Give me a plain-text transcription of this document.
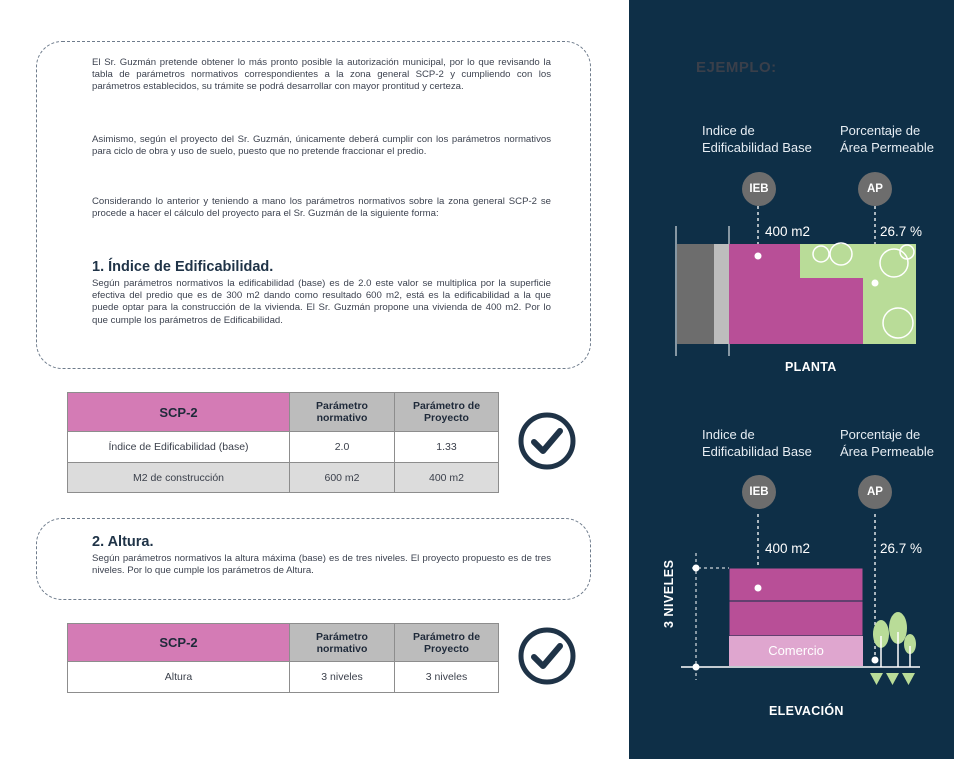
El Sr. Guzmán pretende obtener lo más pronto posible la autorización municipal, por lo que revisando la tabla de parámetros normativos correspondientes a la zona general SCP-2 y cumpliendo con los parámetros establecidos, su trámite se podrá desarrollar con mayor prontitud y certeza.

Asimismo, según el proyecto del Sr. Guzmán, únicamente deberá cumplir con los parámetros normativos para ciclo de obra y uso de suelo, puesto que no pretende fraccionar el predio.

Considerando lo anterior y teniendo a mano los parámetros normativos sobre la zona general SCP-2 se procede a hacer el cálculo del proyecto para el Sr. Guzmán de la siguiente forma:

1. Índice de Edificabilidad.

Según parámetros normativos la edificabilidad (base) es de 2.0 este valor se multiplica por la superficie efectiva del predio que es de 300 m2 dando como resultado 600 m2, está es la edificabilidad a la que puede optar para la construcción de la vivienda. El Sr. Guzmán propone una vivienda de 400 m2. Por lo que cumple los parámetros de Edificabilidad.

SCP-2	Parámetro normativo	Parámetro de Proyecto
Índice de Edificabilidad (base)	2.0	1.33
M2 de construcción	600 m2	400 m2
2. Altura.

Según parámetros normativos la altura máxima (base) es de tres niveles. El proyecto propuesto es de tres niveles. Por lo que cumple los parámetros de Altura.

SCP-2	Parámetro normativo	Parámetro de Proyecto
Altura	3 niveles	3 niveles
EJEMPLO:
Indice de Edificabilidad Base
Porcentaje de Área Permeable
IEB	AP
400 m2	26.7 %
PLANTA
Indice de Edificabilidad Base
Porcentaje de Área Permeable
IEB	AP
400 m2	26.7 %
Comercio
3 NIVELES
ELEVACIÓN
